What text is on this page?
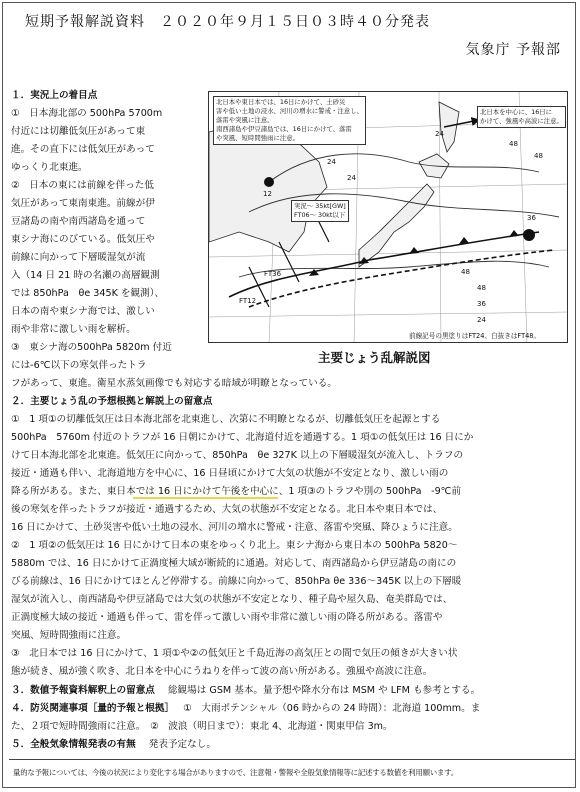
短期予報解説資料　２０２０年９月１５日０３時４０分発表
気象庁 予報部
１．実況上の着目点
①　日本海北部の 500hPa 5700m
付近には切離低気圧があって東
進。その直下には低気圧があって
ゆっくり北東進。
②　日本の東には前線を伴った低
気圧があって東南東進。前線が伊
豆諸島の南や南西諸島を通って
東シナ海にのびている。低気圧や
前線に向かって下層暖湿気が流
入（14 日 21 時の名瀬の高層観測
では 850hPa　θe 345K を観測）、
日本の南や東シナ海では、激しい
雨や非常に激しい雨を解析。
③　東シナ海の500hPa 5820m 付近
には-6℃以下の寒気伴ったトラ
フがあって、東進。衛星水蒸気画像でも対応する暗域が明瞭となっている。
北日本や東日本では、16日にかけて、土砂災
害や低い土地の浸水、河川の増水に警戒・注意し、
落雷や突風に注意。
南西諸島や伊豆諸島では、16日にかけて、落雷
や突風、短時間強雨に注意。
北日本を中心に、16日に
かけて、強風や高波に注意。
実況～ 35kt[GW]
FT06～ 30kt以下
24
24
12
FT36
FT12
48
36
24
36
48
48
48
24
前線記号の黒塗りはFT24、白抜きはFT48。
主要じょう乱解説図
２．主要じょう乱の予想根拠と解説上の留意点
①　1 項①の切離低気圧は日本海北部を北東進し、次第に不明瞭となるが、切離低気圧を起源とする
500hPa　5760m 付近のトラフが 16 日朝にかけて、北海道付近を通過する。1 項①の低気圧は 16 日にか
けて日本海北部を北東進。低気圧に向かって、850hPa　θe 327K 以上の下層暖湿気が流入し、トラフの
接近・通過も伴い、北海道地方を中心に、16 日昼頃にかけて大気の状態が不安定となり、激しい雨の
降る所がある。また、東日本では 16 日にかけて午後を中心に、1 項③のトラフや別の 500hPa　-9℃前
後の寒気を伴ったトラフが接近・通過するため、大気の状態が不安定となる。北日本や東日本では、
16 日にかけて、土砂災害や低い土地の浸水、河川の増水に警戒・注意、落雷や突風、降ひょうに注意。
②　1 項②の低気圧は 16 日にかけて日本の東をゆっくり北上。東シナ海から東日本の 500hPa 5820～
5880m では、16 日にかけて正渦度極大域が断続的に通過。対応して、南西諸島から伊豆諸島の南にの
びる前線は、16 日にかけてほとんど停滞する。前線に向かって、850hPa θe 336～345K 以上の下層暖
湿気が流入し、南西諸島や伊豆諸島では大気の状態が不安定となり、種子島や屋久島、奄美群島では、
正渦度極大域の接近・通過も伴って、雷を伴って激しい雨や非常に激しい雨の降る所がある。落雷や
突風、短時間強雨に注意。
③　北日本では 16 日にかけて、1 項①や②の低気圧と千島近海の高気圧との間で気圧の傾きが大きい状
態が続き、風が強く吹き、北日本を中心にうねりを伴って波の高い所がある。強風や高波に注意。
３．数値予報資料解釈上の留意点 総観場は GSM 基本。量予想や降水分布は MSM や LFM も参考とする。
４．防災関連事項［量的予報と根拠］ ①　大雨ポテンシャル（06 時からの 24 時間）：北海道 100mm。ま
た、２項で短時間強雨に注意。　②　波浪（明日まで）：東北 4、北海道・関東甲信 3m。
５．全般気象情報発表の有無 発表予定なし。
量的な予報については、今後の状況により変化する場合がありますので、注意報・警報や全般気象情報等に記述する数値を利用願います。
